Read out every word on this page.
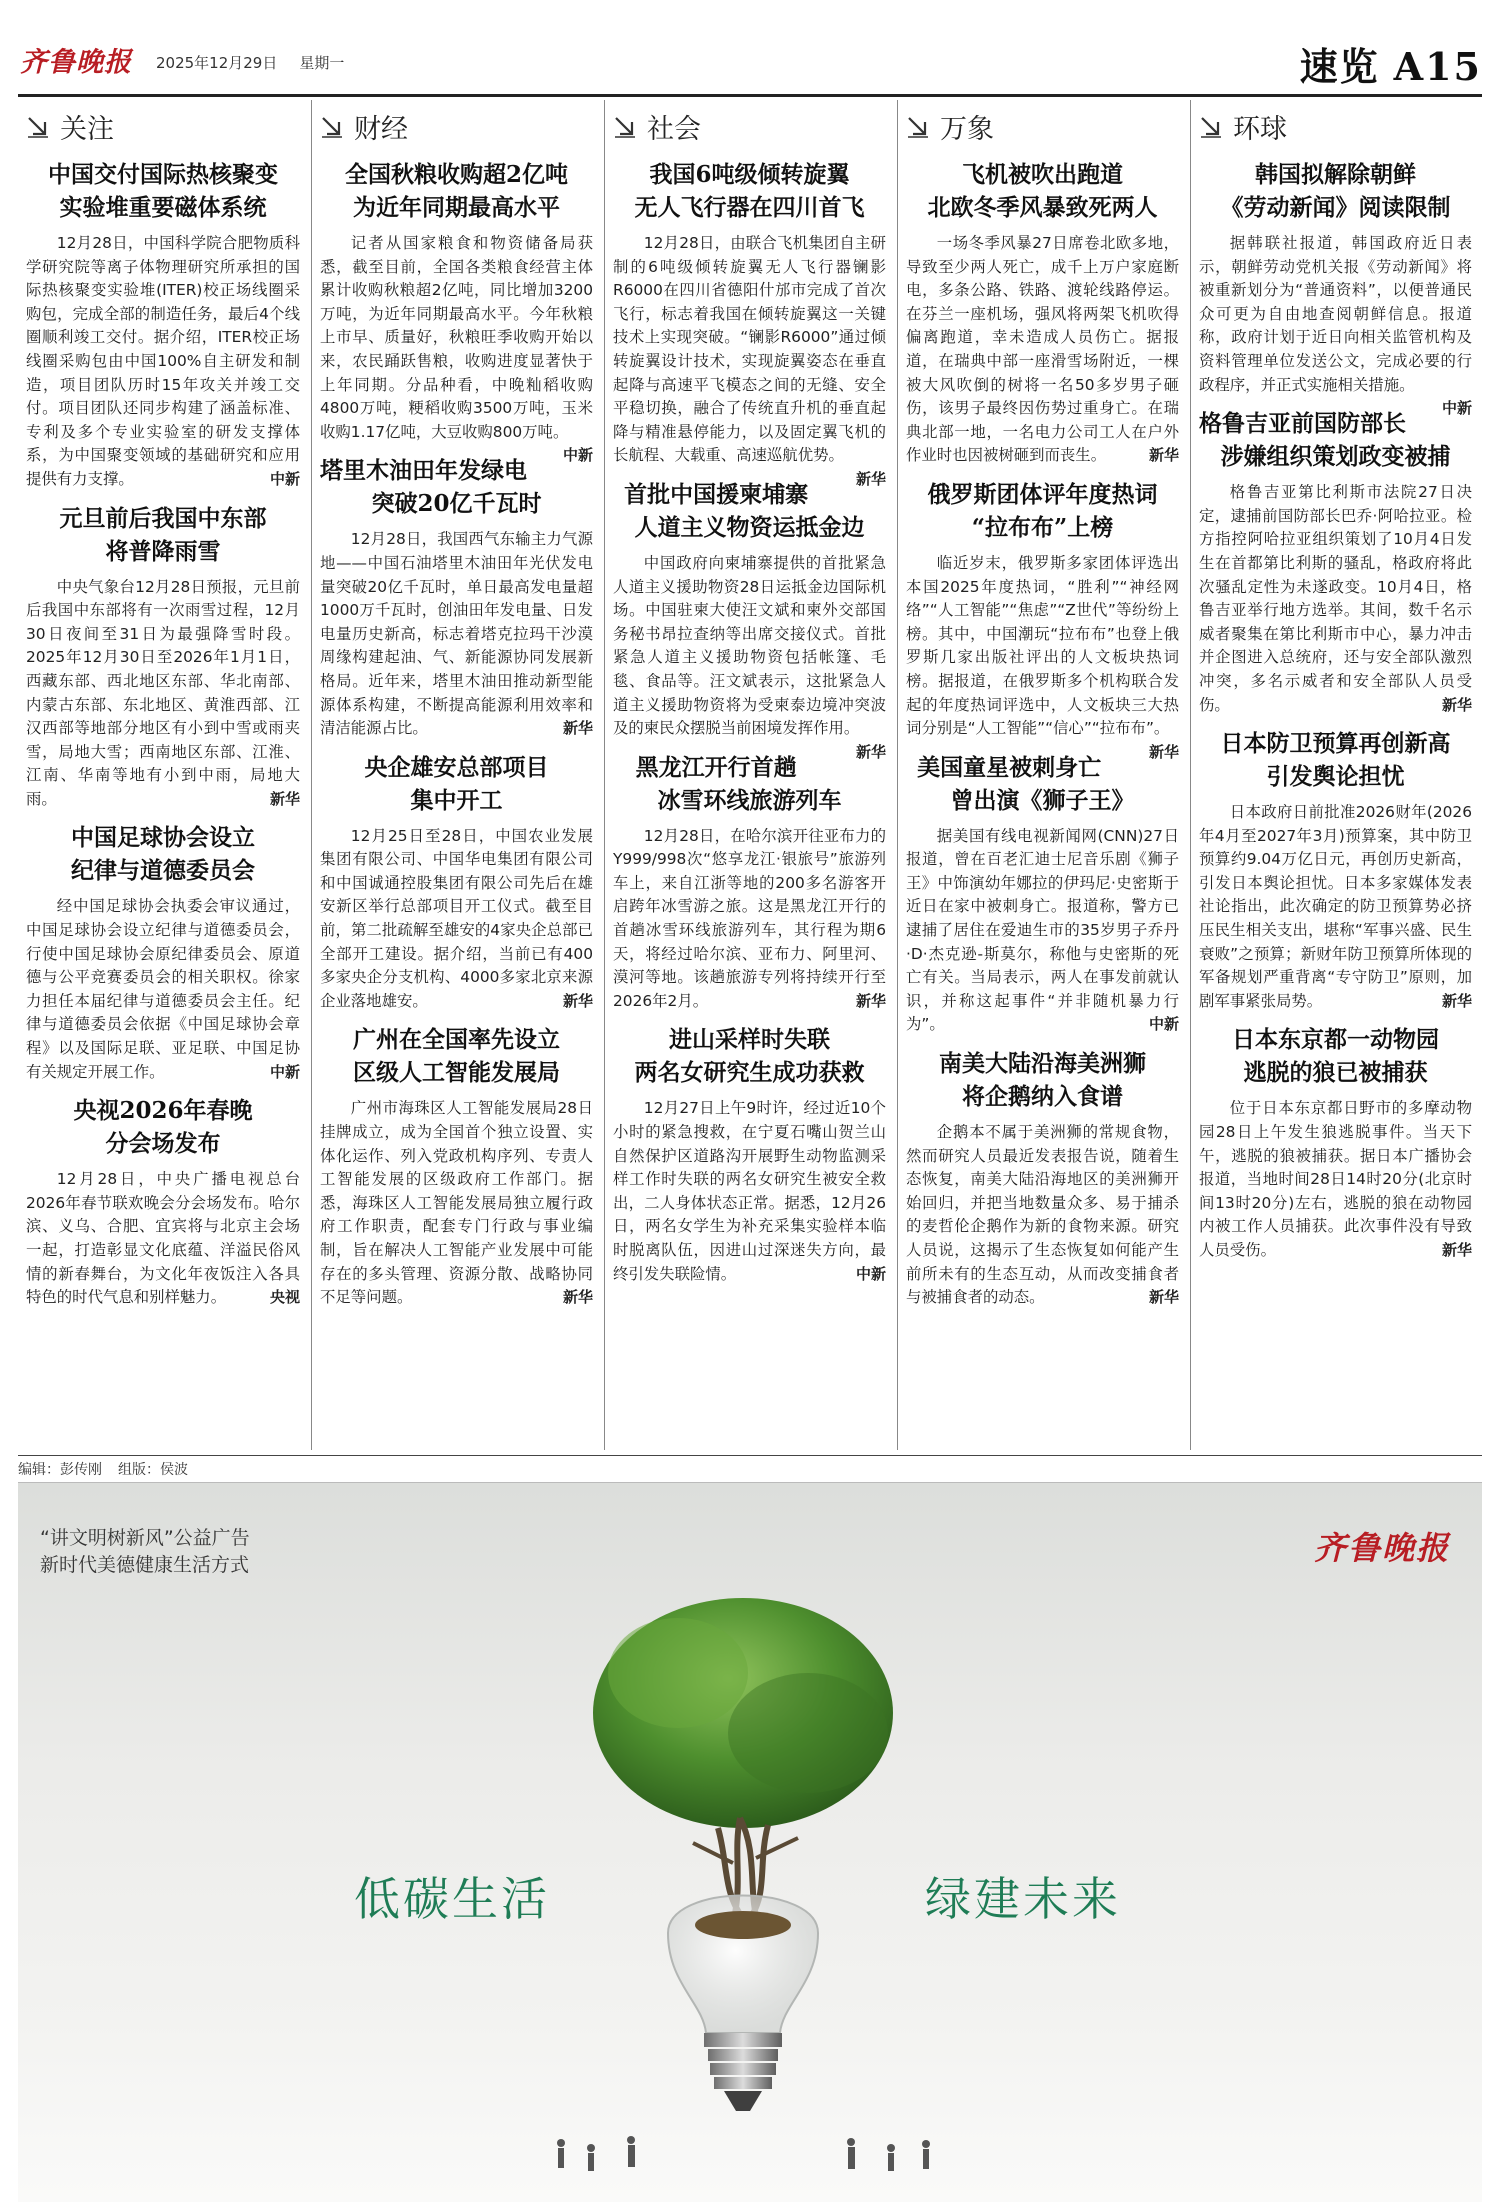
齐鲁晚报 2025年12月29日 星期一	速览 A15
关注
中国交付国际热核聚变
实验堆重要磁体系统

12月28日，中国科学院合肥物质科学研究院等离子体物理研究所承担的国际热核聚变实验堆(ITER)校正场线圈采购包，完成全部的制造任务，最后4个线圈顺利竣工交付。据介绍，ITER校正场线圈采购包由中国100%自主研发和制造，项目团队历时15年攻关并竣工交付。项目团队还同步构建了涵盖标准、专利及多个专业实验室的研发支撑体系，为中国聚变领域的基础研究和应用提供有力支撑。	中新

元旦前后我国中东部
将普降雨雪

中央气象台12月28日预报，元旦前后我国中东部将有一次雨雪过程，12月30日夜间至31日为最强降雪时段。2025年12月30日至2026年1月1日，西藏东部、西北地区东部、华北南部、内蒙古东部、东北地区、黄淮西部、江汉西部等地部分地区有小到中雪或雨夹雪，局地大雪；西南地区东部、江淮、江南、华南等地有小到中雨，局地大雨。	新华

中国足球协会设立
纪律与道德委员会

经中国足球协会执委会审议通过，中国足球协会设立纪律与道德委员会，行使中国足球协会原纪律委员会、原道德与公平竞赛委员会的相关职权。徐家力担任本届纪律与道德委员会主任。纪律与道德委员会依据《中国足球协会章程》以及国际足联、亚足联、中国足协有关规定开展工作。	中新

央视2026年春晚
分会场发布

12月28日，中央广播电视总台2026年春节联欢晚会分会场发布。哈尔滨、义乌、合肥、宜宾将与北京主会场一起，打造彰显文化底蕴、洋溢民俗风情的新春舞台，为文化年夜饭注入各具特色的时代气息和别样魅力。	央视

财经
全国秋粮收购超2亿吨
为近年同期最高水平

记者从国家粮食和物资储备局获悉，截至目前，全国各类粮食经营主体累计收购秋粮超2亿吨，同比增加3200万吨，为近年同期最高水平。今年秋粮上市早、质量好，秋粮旺季收购开始以来，农民踊跃售粮，收购进度显著快于上年同期。分品种看，中晚籼稻收购4800万吨，粳稻收购3500万吨，玉米收购1.17亿吨，大豆收购800万吨。
中新

塔里木油田年发绿电
突破20亿千瓦时

12月28日，我国西气东输主力气源地——中国石油塔里木油田年光伏发电量突破20亿千瓦时，单日最高发电量超1000万千瓦时，创油田年发电量、日发电量历史新高，标志着塔克拉玛干沙漠周缘构建起油、气、新能源协同发展新格局。近年来，塔里木油田推动新型能源体系构建，不断提高能源利用效率和清洁能源占比。	新华

央企雄安总部项目
集中开工

12月25日至28日，中国农业发展集团有限公司、中国华电集团有限公司和中国诚通控股集团有限公司先后在雄安新区举行总部项目开工仪式。截至目前，第二批疏解至雄安的4家央企总部已全部开工建设。据介绍，当前已有400多家央企分支机构、4000多家北京来源企业落地雄安。	新华

广州在全国率先设立
区级人工智能发展局

广州市海珠区人工智能发展局28日挂牌成立，成为全国首个独立设置、实体化运作、列入党政机构序列、专责人工智能发展的区级政府工作部门。据悉，海珠区人工智能发展局独立履行政府工作职责，配套专门行政与事业编制，旨在解决人工智能产业发展中可能存在的多头管理、资源分散、战略协同不足等问题。	新华

社会
我国6吨级倾转旋翼
无人飞行器在四川首飞

12月28日，由联合飞机集团自主研制的6吨级倾转旋翼无人飞行器镧影R6000在四川省德阳什邡市完成了首次飞行，标志着我国在倾转旋翼这一关键技术上实现突破。“镧影R6000”通过倾转旋翼设计技术，实现旋翼姿态在垂直起降与高速平飞模态之间的无缝、安全平稳切换，融合了传统直升机的垂直起降与精准悬停能力，以及固定翼飞机的长航程、大载重、高速巡航优势。
新华

首批中国援柬埔寨
人道主义物资运抵金边

中国政府向柬埔寨提供的首批紧急人道主义援助物资28日运抵金边国际机场。中国驻柬大使汪文斌和柬外交部国务秘书昂拉查纳等出席交接仪式。首批紧急人道主义援助物资包括帐篷、毛毯、食品等。汪文斌表示，这批紧急人道主义援助物资将为受柬泰边境冲突波及的柬民众摆脱当前困境发挥作用。
新华

黑龙江开行首趟
冰雪环线旅游列车

12月28日，在哈尔滨开往亚布力的Y999/998次“悠享龙江·银旅号”旅游列车上，来自江浙等地的200多名游客开启跨年冰雪游之旅。这是黑龙江开行的首趟冰雪环线旅游列车，其行程为期6天，将经过哈尔滨、亚布力、阿里河、漠河等地。该趟旅游专列将持续开行至2026年2月。	新华

进山采样时失联
两名女研究生成功获救

12月27日上午9时许，经过近10个小时的紧急搜救，在宁夏石嘴山贺兰山自然保护区道路沟开展野生动物监测采样工作时失联的两名女研究生被安全救出，二人身体状态正常。据悉，12月26日，两名女学生为补充采集实验样本临时脱离队伍，因进山过深迷失方向，最终引发失联险情。	中新

万象
飞机被吹出跑道
北欧冬季风暴致死两人

一场冬季风暴27日席卷北欧多地，导致至少两人死亡，成千上万户家庭断电，多条公路、铁路、渡轮线路停运。在芬兰一座机场，强风将两架飞机吹得偏离跑道，幸未造成人员伤亡。据报道，在瑞典中部一座滑雪场附近，一棵被大风吹倒的树将一名50多岁男子砸伤，该男子最终因伤势过重身亡。在瑞典北部一地，一名电力公司工人在户外作业时也因被树砸到而丧生。	新华

俄罗斯团体评年度热词
“拉布布”上榜

临近岁末，俄罗斯多家团体评选出本国2025年度热词，“胜利”“神经网络”“人工智能”“焦虑”“Z世代”等纷纷上榜。其中，中国潮玩“拉布布”也登上俄罗斯几家出版社评出的人文板块热词榜。据报道，在俄罗斯多个机构联合发起的年度热词评选中，人文板块三大热词分别是“人工智能”“信心”“拉布布”。
新华

美国童星被刺身亡
曾出演《狮子王》

据美国有线电视新闻网(CNN)27日报道，曾在百老汇迪士尼音乐剧《狮子王》中饰演幼年娜拉的伊玛尼·史密斯于近日在家中被刺身亡。报道称，警方已逮捕了居住在爱迪生市的35岁男子乔丹·D·杰克逊-斯莫尔，称他与史密斯的死亡有关。当局表示，两人在事发前就认识，并称这起事件“并非随机暴力行为”。	中新

南美大陆沿海美洲狮
将企鹅纳入食谱

企鹅本不属于美洲狮的常规食物，然而研究人员最近发表报告说，随着生态恢复，南美大陆沿海地区的美洲狮开始回归，并把当地数量众多、易于捕杀的麦哲伦企鹅作为新的食物来源。研究人员说，这揭示了生态恢复如何能产生前所未有的生态互动，从而改变捕食者与被捕食者的动态。	新华

环球
韩国拟解除朝鲜
《劳动新闻》阅读限制

据韩联社报道，韩国政府近日表示，朝鲜劳动党机关报《劳动新闻》将被重新划分为“普通资料”，以便普通民众可更为自由地查阅朝鲜信息。报道称，政府计划于近日向相关监管机构及资料管理单位发送公文，完成必要的行政程序，并正式实施相关措施。
中新

格鲁吉亚前国防部长
涉嫌组织策划政变被捕

格鲁吉亚第比利斯市法院27日决定，逮捕前国防部长巴乔·阿哈拉亚。检方指控阿哈拉亚组织策划了10月4日发生在首都第比利斯的骚乱，格政府将此次骚乱定性为未遂政变。10月4日，格鲁吉亚举行地方选举。其间，数千名示威者聚集在第比利斯市中心，暴力冲击并企图进入总统府，还与安全部队激烈冲突，多名示威者和安全部队人员受伤。	新华

日本防卫预算再创新高
引发舆论担忧

日本政府日前批准2026财年(2026年4月至2027年3月)预算案，其中防卫预算约9.04万亿日元，再创历史新高，引发日本舆论担忧。日本多家媒体发表社论指出，此次确定的防卫预算势必挤压民生相关支出，堪称“军事兴盛、民生衰败”之预算；新财年防卫预算所体现的军备规划严重背离“专守防卫”原则，加剧军事紧张局势。	新华

日本东京都一动物园
逃脱的狼已被捕获

位于日本东京都日野市的多摩动物园28日上午发生狼逃脱事件。当天下午，逃脱的狼被捕获。据日本广播协会报道，当地时间28日14时20分(北京时间13时20分)左右，逃脱的狼在动物园内被工作人员捕获。此次事件没有导致人员受伤。	新华

编辑：彭传刚 组版：侯波
“讲文明树新风”公益广告
新时代美德健康生活方式	齐鲁晚报
低碳生活	绿建未来
